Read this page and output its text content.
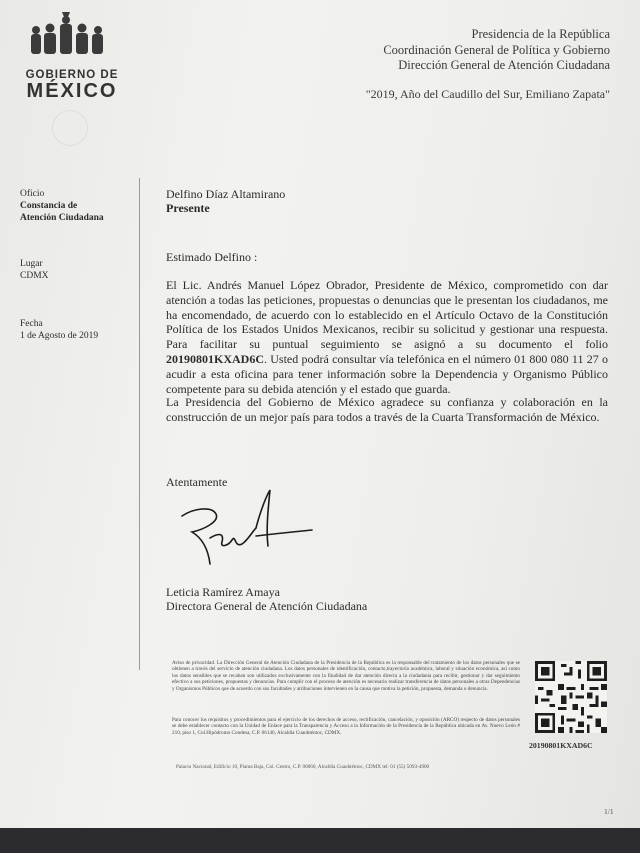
GOBIERNO DE
MÉXICO
Presidencia de la República
Coordinación General de Política y Gobierno
Dirección General de Atención Ciudadana
"2019, Año del Caudillo del Sur, Emiliano Zapata"
Oficio
Constancia de
Atención Ciudadana
Lugar
CDMX
Fecha
1 de Agosto de 2019
Delfino Díaz Altamirano
Presente
Estimado Delfino :
El Lic. Andrés Manuel López Obrador, Presidente de México, comprometido con dar atención a todas las peticiones, propuestas o denuncias que le presentan los ciudadanos, me ha encomendado, de acuerdo con lo establecido en el Artículo Octavo de la Constitución Política de los Estados Unidos Mexicanos, recibir su solicitud y gestionar una respuesta. Para facilitar su puntual seguimiento se asignó a su documento el folio 20190801KXAD6C. Usted podrá consultar vía telefónica en el número 01 800 080 11 27 o acudir a esta oficina para tener información sobre la Dependencia y Organismo Público competente para su debida atención y el estado que guarda.
La Presidencia del Gobierno de México agradece su confianza y colaboración en la construcción de un mejor país para todos a través de la Cuarta Transformación de México.
Atentamente
Leticia Ramírez Amaya
Directora General de Atención Ciudadana
Aviso de privacidad. La Dirección General de Atención Ciudadana de la Presidencia de la República es la responsable del tratamiento de los datos personales que se obtienen a través del servicio de atención ciudadana. Los datos personales de identificación, contacto,trayectoria académica, laboral y situación económica, así como los datos sensibles que se recaban son utilizados exclusivamente con la finalidad de dar atención directa a la ciudadanía para recibir, gestionar y dar seguimiento efectivo a sus peticiones, propuestas y denuncias. Para cumplir con el proceso de atención es necesario realizar transferencia de datos personales a otras Dependencias y Organismos Públicos que de acuerdo con sus facultades y atribuciones intervienen en la causa que motiva la petición, propuesta, demanda o denuncia.
Para conocer los requisitos y procedimientos para el ejercicio de los derechos de acceso, rectificación, cancelación, y oposición (ARCO) respecto de datos personales se debe establecer contacto con la Unidad de Enlace para la Transparencia y Acceso a la Información de la Presidencia de la República ubicada en Av. Nuevo León # 210, piso 1, Col.Hipódromo Condesa, C.P. 06140, Alcaldía Cuauhtémoc, CDMX.
20190801KXAD6C
Palacio Nacional, Edificio 10, Planta Baja, Col. Centro, C.P. 06060, Alcaldía Cuauhtémoc, CDMX tel: 01 (55) 5093-4900
1/1
